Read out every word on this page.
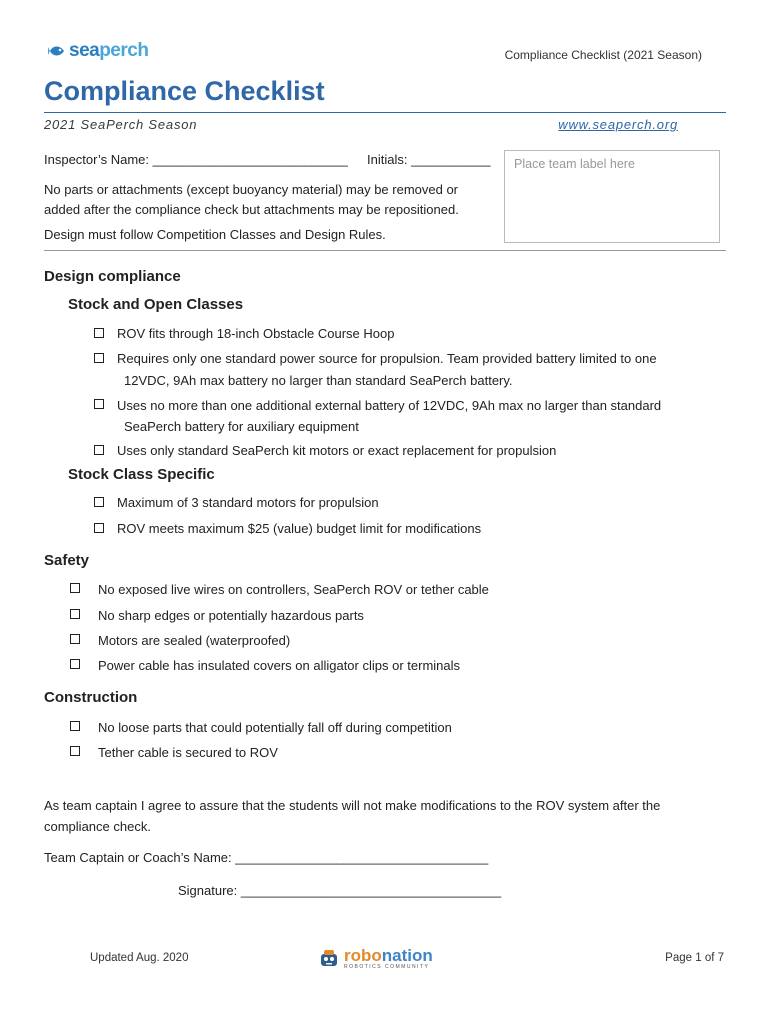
seaperch	Compliance Checklist (2021 Season)
Compliance Checklist
2021 SeaPerch Season	www.seaperch.org
Inspector’s Name: ___________________________ Initials: ___________	Place team label here
No parts or attachments (except buoyancy material) may be removed or
added after the compliance check but attachments may be repositioned.
Design must follow Competition Classes and Design Rules.
Design compliance
Stock and Open Classes
ROV fits through 18-inch Obstacle Course Hoop
Requires only one standard power source for propulsion. Team provided battery limited to one
12VDC, 9Ah max battery no larger than standard SeaPerch battery.
Uses no more than one additional external battery of 12VDC, 9Ah max no larger than standard
SeaPerch battery for auxiliary equipment
Uses only standard SeaPerch kit motors or exact replacement for propulsion
Stock Class Specific
Maximum of 3 standard motors for propulsion
ROV meets maximum $25 (value) budget limit for modifications
Safety
No exposed live wires on controllers, SeaPerch ROV or tether cable
No sharp edges or potentially hazardous parts
Motors are sealed (waterproofed)
Power cable has insulated covers on alligator clips or terminals
Construction
No loose parts that could potentially fall off during competition
Tether cable is secured to ROV
As team captain I agree to assure that the students will not make modifications to the ROV system after the
compliance check.
Team Captain or Coach’s Name: ___________________________________
Signature: ____________________________________
Updated Aug. 2020	robonation
ROBOTICS COMMUNITY
Page 1 of 7
